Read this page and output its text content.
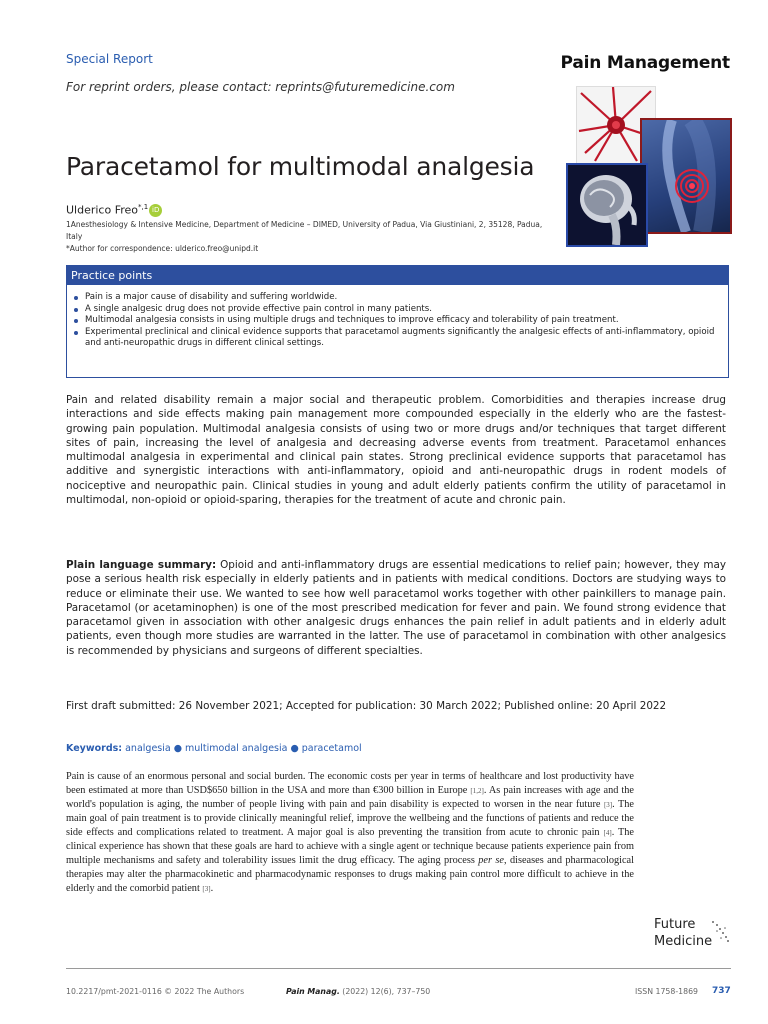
Special Report
For reprint orders, please contact: reprints@futuremedicine.com
Pain Management
Paracetamol for multimodal analgesia
Ulderico Freo$^{*,1}$ iD
1Anesthesiology & Intensive Medicine, Department of Medicine – DIMED, University of Padua, Via Giustiniani, 2, 35128, Padua, Italy
*Author for correspondence: ulderico.freo@unipd.it
Practice points
Pain is a major cause of disability and suffering worldwide.
A single analgesic drug does not provide effective pain control in many patients.
Multimodal analgesia consists in using multiple drugs and techniques to improve efficacy and tolerability of pain treatment.
Experimental preclinical and clinical evidence supports that paracetamol augments significantly the analgesic effects of anti-inflammatory, opioid and anti-neuropathic drugs in different clinical settings.

Pain and related disability remain a major social and therapeutic problem. Comorbidities and therapies increase drug interactions and side effects making pain management more compounded especially in the elderly who are the fastest-growing pain population. Multimodal analgesia consists of using two or more drugs and/or techniques that target different sites of pain, increasing the level of analgesia and decreasing adverse events from treatment. Paracetamol enhances multimodal analgesia in experimental and clinical pain states. Strong preclinical evidence supports that paracetamol has additive and synergistic interactions with anti-inflammatory, opioid and anti-neuropathic drugs in rodent models of nociceptive and neuropathic pain. Clinical studies in young and adult elderly patients confirm the utility of paracetamol in multimodal, non-opioid or opioid-sparing, therapies for the treatment of acute and chronic pain.

Plain language summary: Opioid and anti-inflammatory drugs are essential medications to relief pain; however, they may pose a serious health risk especially in elderly patients and in patients with medical conditions. Doctors are studying ways to reduce or eliminate their use. We wanted to see how well paracetamol works together with other painkillers to manage pain. Paracetamol (or acetaminophen) is one of the most prescribed medication for fever and pain. We found strong evidence that paracetamol given in association with other analgesic drugs enhances the pain relief in adult patients and in elderly adult patients, even though more studies are warranted in the latter. The use of paracetamol in combination with other analgesics is recommended by physicians and surgeons of different specialties.

First draft submitted: 26 November 2021; Accepted for publication: 30 March 2022; Published online: 20 April 2022

Keywords: analgesia ● multimodal analgesia ● paracetamol

Pain is cause of an enormous personal and social burden. The economic costs per year in terms of healthcare and lost productivity have been estimated at more than USD$650 billion in the USA and more than €300 billion in Europe [1,2]. As pain increases with age and the world's population is aging, the number of people living with pain and pain disability is expected to worsen in the near future [3]. The main goal of pain treatment is to provide clinically meaningful relief, improve the wellbeing and the functions of patients and reduce the side effects and complications related to treatment. A major goal is also preventing the transition from acute to chronic pain [4]. The clinical experience has shown that these goals are hard to achieve with a single agent or technique because patients experience pain from multiple mechanisms and safety and tolerability issues limit the drug efficacy. The aging process per se, diseases and pharmacological therapies may alter the pharmacokinetic and pharmacodynamic responses to drugs making pain control more difficult to achieve in the elderly and the comorbid patient [3].

Future
Medicine
10.2217/pmt-2021-0116 © 2022 The Authors	Pain Manag. (2022) 12(6), 737–750	ISSN 1758-1869 737
